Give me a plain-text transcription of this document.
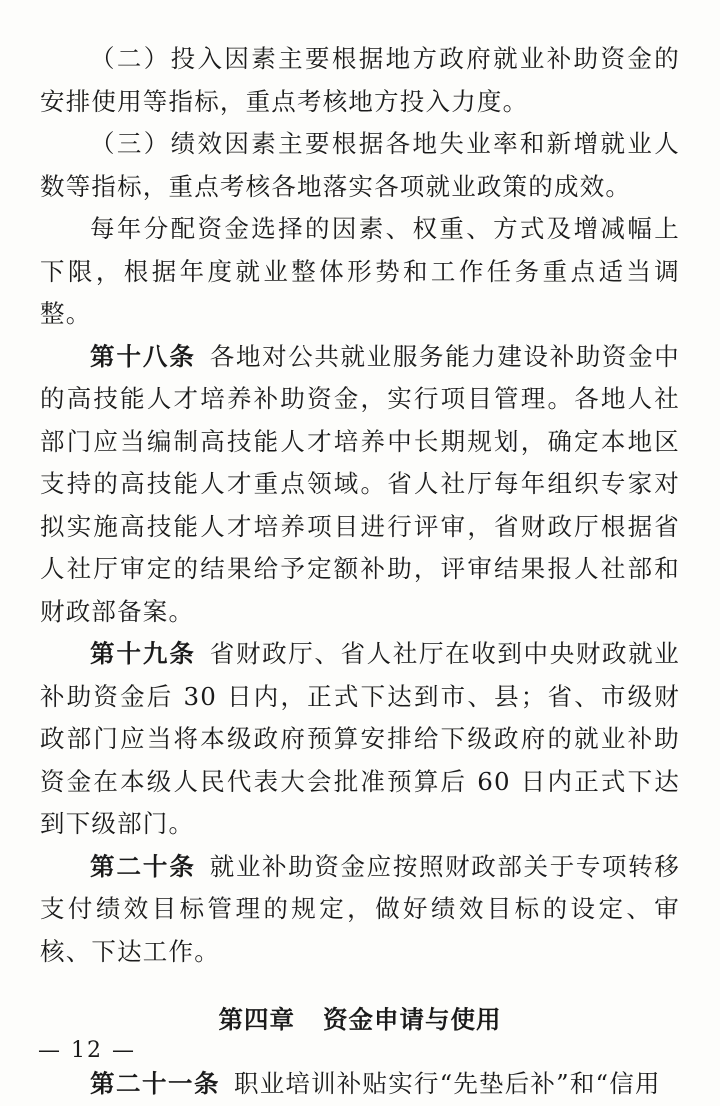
（二）投入因素主要根据地方政府就业补助资金的安排使用等指标，重点考核地方投入力度。

（三）绩效因素主要根据各地失业率和新增就业人数等指标，重点考核各地落实各项就业政策的成效。

每年分配资金选择的因素、权重、方式及增减幅上下限，根据年度就业整体形势和工作任务重点适当调整。

第十八条 各地对公共就业服务能力建设补助资金中的高技能人才培养补助资金，实行项目管理。各地人社部门应当编制高技能人才培养中长期规划，确定本地区支持的高技能人才重点领域。省人社厅每年组织专家对拟实施高技能人才培养项目进行评审，省财政厅根据省人社厅审定的结果给予定额补助，评审结果报人社部和财政部备案。

第十九条 省财政厅、省人社厅在收到中央财政就业补助资金后 30 日内，正式下达到市、县；省、市级财政部门应当将本级政府预算安排给下级政府的就业补助资金在本级人民代表大会批准预算后 60 日内正式下达到下级部门。

第二十条 就业补助资金应按照财政部关于专项转移支付绩效目标管理的规定，做好绩效目标的设定、审核、下达工作。

第四章 资金申请与使用

第二十一条 职业培训补贴实行“先垫后补”和“信用

— 12 —
